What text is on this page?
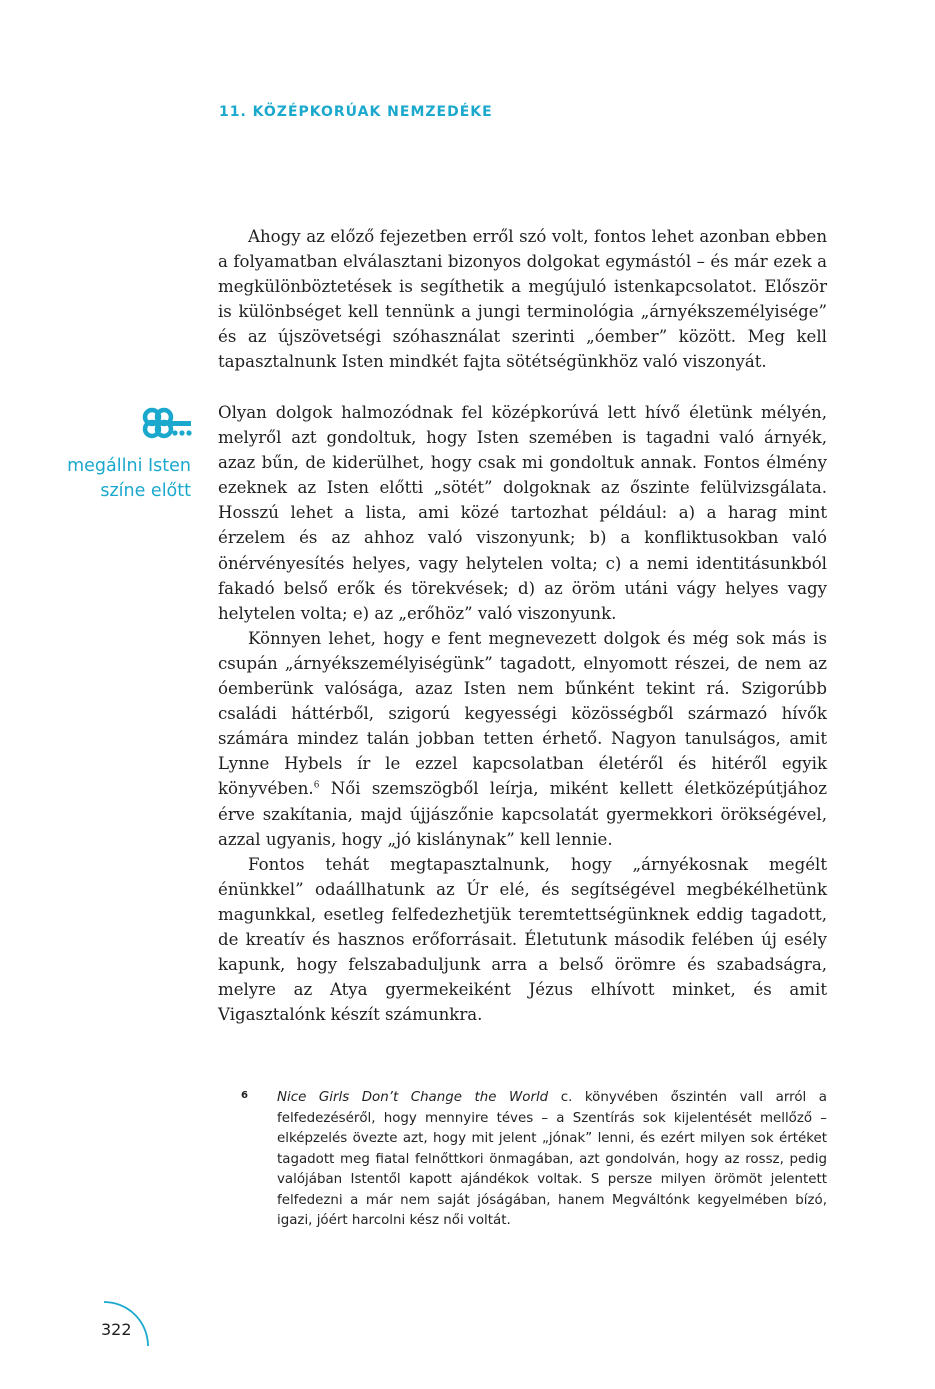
11. KÖZÉPKORÚAK NEMZEDÉKE

Ahogy az előző fejezetben erről szó volt, fontos lehet azonban ebben a folyamatban elválasztani bizonyos dolgokat egymástól – és már ezek a megkülönböztetések is segíthetik a megújuló istenkapcsolatot. Először is különbséget kell tennünk a jungi terminológia „árnyékszemélyisége” és az újszövetségi szóhasználat szerinti „óember” között. Meg kell tapasztalnunk Isten mindkét fajta sötétségünkhöz való viszonyát.

megállni Isten
színe előtt

Olyan dolgok halmozódnak fel középkorúvá lett hívő életünk mélyén, melyről azt gondoltuk, hogy Isten szemében is tagadni való árnyék, azaz bűn, de kiderülhet, hogy csak mi gondoltuk annak. Fontos élmény ezeknek az Isten előtti „sötét” dolgoknak az őszinte felülvizsgálata. Hosszú lehet a lista, ami közé tartozhat például: a) a harag mint érzelem és az ahhoz való viszonyunk; b) a konfliktusokban való önérvényesítés helyes, vagy helytelen volta; c) a nemi identitásunkból fakadó belső erők és törekvések; d) az öröm utáni vágy helyes vagy helytelen volta; e) az „erőhöz” való viszonyunk.

Könnyen lehet, hogy e fent megnevezett dolgok és még sok más is csupán „árnyékszemélyiségünk” tagadott, elnyomott részei, de nem az óemberünk valósága, azaz Isten nem bűnként tekint rá. Szigorúbb családi háttérből, szigorú kegyességi közösségből származó hívők számára mindez talán jobban tetten érhető. Nagyon tanulságos, amit Lynne Hybels ír le ezzel kapcsolatban életéről és hitéről egyik könyvében.$^6$ Női szemszögből leírja, miként kellett életközépútjához érve szakítania, majd újjászőnie kapcsolatát gyermekkori örökségével, azzal ugyanis, hogy „jó kislánynak” kell lennie.

Fontos tehát megtapasztalnunk, hogy „árnyékosnak megélt énünkkel” odaállhatunk az Úr elé, és segítségével megbékélhetünk magunkkal, esetleg felfedezhetjük teremtettségünknek eddig tagadott, de kreatív és hasznos erőforrásait. Életutunk második felében új esély kapunk, hogy felszabaduljunk arra a belső örömre és szabadságra, melyre az Atya gyermekeiként Jézus elhívott minket, és amit Vigasztalónk készít számunkra.

6 Nice Girls Don’t Change the World c. könyvében őszintén vall arról a felfedezéséről, hogy mennyire téves – a Szentírás sok kijelentését mellőző – elképzelés övezte azt, hogy mit jelent „jónak” lenni, és ezért milyen sok értéket tagadott meg fiatal felnőttkori önmagában, azt gondolván, hogy az rossz, pedig valójában Istentől kapott ajándékok voltak. S persze milyen örömöt jelentett felfedezni a már nem saját jóságában, hanem Megváltónk kegyelmében bízó, igazi, jóért harcolni kész női voltát.
322
